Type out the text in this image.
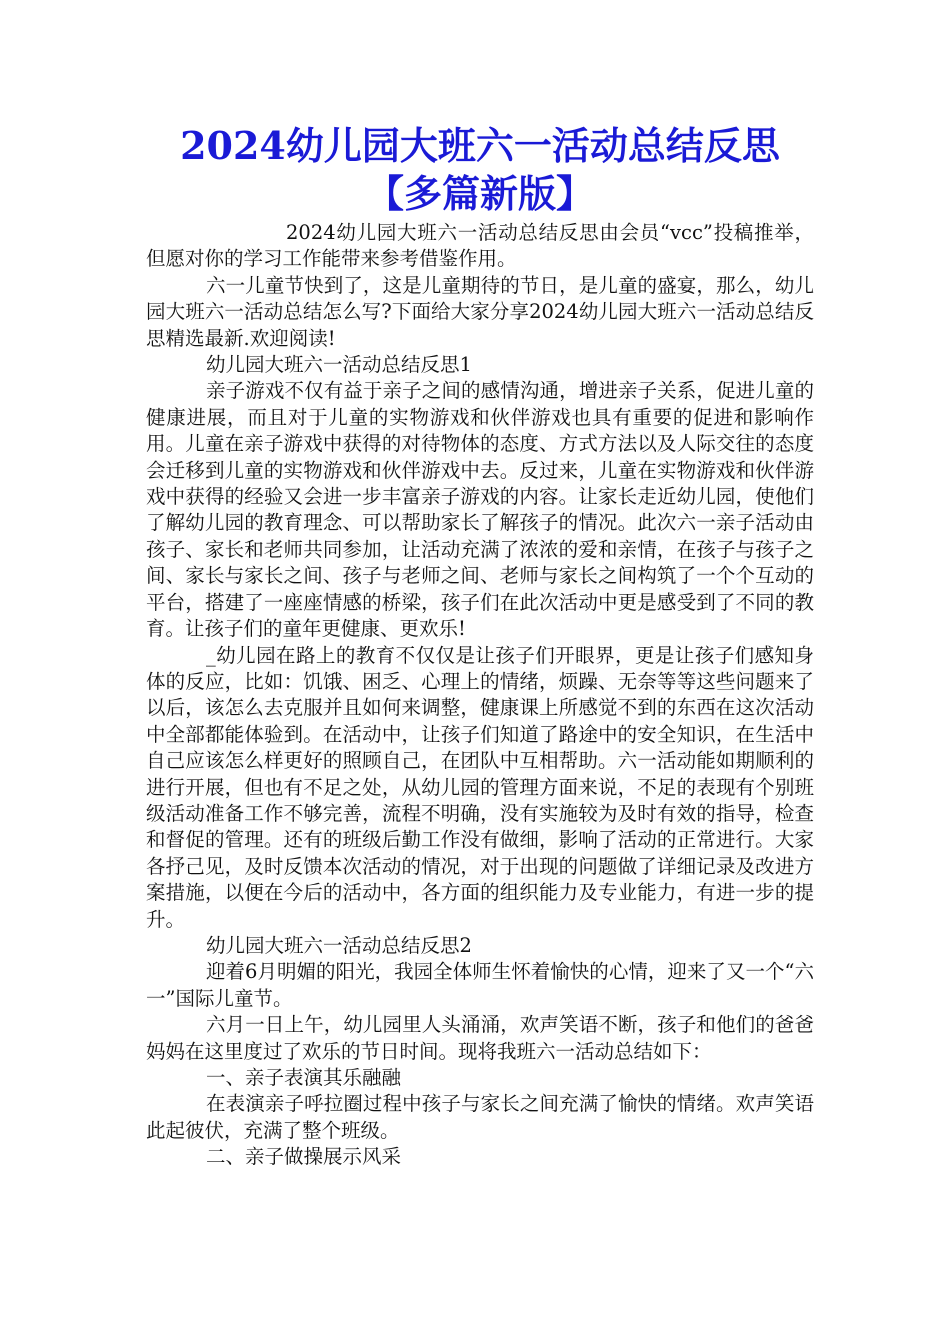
2024幼儿园大班六一活动总结反思
【多篇新版】

2024幼儿园大班六一活动总结反思由会员“vcc”投稿推举，但愿对你的学习工作能带来参考借鉴作用。

六一儿童节快到了，这是儿童期待的节日，是儿童的盛宴，那么，幼儿园大班六一活动总结怎么写?下面给大家分享2024幼儿园大班六一活动总结反思精选最新.欢迎阅读!

幼儿园大班六一活动总结反思1

亲子游戏不仅有益于亲子之间的感情沟通，增进亲子关系，促进儿童的健康进展，而且对于儿童的实物游戏和伙伴游戏也具有重要的促进和影响作用。儿童在亲子游戏中获得的对待物体的态度、方式方法以及人际交往的态度会迁移到儿童的实物游戏和伙伴游戏中去。反过来，儿童在实物游戏和伙伴游戏中获得的经验又会进一步丰富亲子游戏的内容。让家长走近幼儿园，使他们了解幼儿园的教育理念、可以帮助家长了解孩子的情况。此次六一亲子活动由孩子、家长和老师共同参加，让活动充满了浓浓的爱和亲情，在孩子与孩子之间、家长与家长之间、孩子与老师之间、老师与家长之间构筑了一个个互动的平台，搭建了一座座情感的桥梁，孩子们在此次活动中更是感受到了不同的教育。让孩子们的童年更健康、更欢乐!

_幼儿园在路上的教育不仅仅是让孩子们开眼界，更是让孩子们感知身体的反应，比如：饥饿、困乏、心理上的情绪，烦躁、无奈等等这些问题来了以后，该怎么去克服并且如何来调整，健康课上所感觉不到的东西在这次活动中全部都能体验到。在活动中，让孩子们知道了路途中的安全知识，在生活中自己应该怎么样更好的照顾自己，在团队中互相帮助。六一活动能如期顺利的进行开展，但也有不足之处，从幼儿园的管理方面来说，不足的表现有个别班级活动准备工作不够完善，流程不明确，没有实施较为及时有效的指导，检查和督促的管理。还有的班级后勤工作没有做细，影响了活动的正常进行。大家各抒己见，及时反馈本次活动的情况，对于出现的问题做了详细记录及改进方案措施，以便在今后的活动中，各方面的组织能力及专业能力，有进一步的提升。

幼儿园大班六一活动总结反思2

迎着6月明媚的阳光，我园全体师生怀着愉快的心情，迎来了又一个“六一”国际儿童节。

六月一日上午，幼儿园里人头涌涌，欢声笑语不断，孩子和他们的爸爸妈妈在这里度过了欢乐的节日时间。现将我班六一活动总结如下：

一、亲子表演其乐融融

在表演亲子呼拉圈过程中孩子与家长之间充满了愉快的情绪。欢声笑语此起彼伏，充满了整个班级。

二、亲子做操展示风采
